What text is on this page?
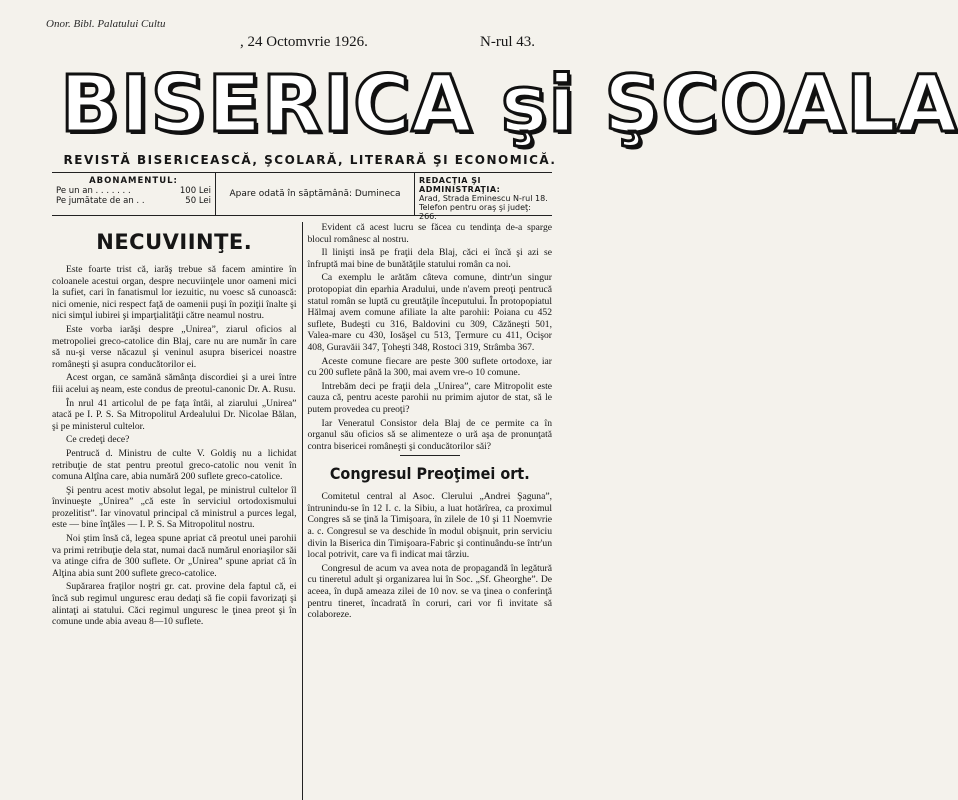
Onor. Bibl. Palatului Cultu
, 24 Octomvrie 1926.	N-rul 43.
BISERICA şi ŞCOALA
REVISTĂ BISERICEASCĂ, ŞCOLARĂ, LITERARĂ ŞI ECONOMICĂ.
ABONAMENTUL:
Pe un an . . . . . . .	100 Lei
Pe jumătate de an . .	50 Lei
Apare odată în săptămână: Dumineca
REDACŢIA ŞI ADMINISTRAŢIA:
Arad, Strada Eminescu N-rul 18.
Telefon pentru oraş şi judeţ: 266.
NECUVIINŢE.

Este foarte trist că, iarăş trebue să facem amintire în coloanele acestui organ, despre necuviinţele unor oameni mici la sufiet, cari în fanatismul lor iezuitic, nu voesc să cunoască: nici omenie, nici respect faţă de oamenii puşi în poziţii înalte şi nici simţul iubirei şi imparţialităţii către neamul nostru.

Este vorba iarăşi despre „Unirea”, ziarul oficios al metropoliei greco-catolice din Blaj, care nu are număr în care să nu-şi verse năcazul şi veninul asupra bisericei noastre româneşti şi asupra conducătorilor ei.

Acest organ, ce samănă sămânţa discordiei şi a urei între fiii acelui aş neam, este condus de preotul-canonic Dr. A. Rusu.

În nrul 41 articolul de pe faţa întâi, al ziarului „Unirea” atacă pe I. P. S. Sa Mitropolitul Ardealului Dr. Nicolae Bălan, şi pe ministerul cultelor.

Ce credeţi dece?

Pentrucă d. Ministru de culte V. Goldiş nu a lichidat retribuţie de stat pentru preotul greco-catolic nou venit în comuna Alţîna care, abia numără 200 suflete greco-catolice.

Şi pentru acest motiv absolut legal, pe ministrul cultelor îl învinueşte „Unirea” „că este în serviciul ortodoxismului prozelitist”. Iar vinovatul principal că ministrul a purces legal, este — bine înţăles — I. P. S. Sa Mitropolitul nostru.

Noi ştim însă că, legea spune apriat că preotul unei parohii va primi retribuţie dela stat, numai dacă numărul enoriaşilor săi va atinge cifra de 300 suflete. Or „Unirea” spune apriat că în Alţina abia sunt 200 suflete greco-catolice.

Supărarea fraţilor noştri gr. cat. provine dela faptul că, ei încă sub regimul unguresc erau dedaţi să fie copii favorizaţi şi alintaţi ai statului. Căci regimul unguresc le ţinea preot şi în comune unde abia aveau 8—10 suflete.

Evident că acest lucru se făcea cu tendinţa de-a sparge blocul românesc al nostru.

Il linişti insă pe fraţii dela Blaj, căci ei încă şi azi se înfruptă mai bine de bunătăţile statului român ca noi.

Ca exemplu le arătăm câteva comune, dintr'un singur protopopiat din eparhia Aradului, unde n'avem preoţi pentrucă statul român se luptă cu greutăţile începutului. În protopopiatul Hălmaj avem comune afiliate la alte parohii: Poiana cu 452 suflete, Budeşti cu 316, Baldovini cu 309, Căzăneşti 501, Valea-mare cu 430, Iosăşel cu 513, Ţermure cu 411, Ocişor 408, Guravăii 347, Ţoheşti 348, Rostoci 319, Strâmba 367.

Aceste comune fiecare are peste 300 suflete ortodoxe, iar cu 200 suflete până la 300, mai avem vre-o 10 comune.

Intrebăm deci pe fraţii dela „Unirea”, care Mitropolit este cauza că, pentru aceste parohii nu primim ajutor de stat, să le putem provedea cu preoţi?

Iar Veneratul Consistor dela Blaj de ce permite ca în organul său oficios să se alimenteze o ură aşa de pronunţată contra bisericei româneşti şi conducătorilor săi?

Congresul Preoţimei ort.

Comitetul central al Asoc. Clerului „Andrei Şaguna”, întrunindu-se în 12 I. c. la Sibiu, a luat hotărîrea, ca proximul Congres să se ţină la Timişoara, în zilele de 10 şi 11 Noemvrie a. c. Congresul se va deschide în modul obişnuit, prin serviciu divin la Biserica din Timişoara-Fabric şi continuându-se într'un local potrivit, care va fi indicat mai târziu.

Congresul de acum va avea nota de propagandă în legătură cu tineretul adult şi organizarea lui în Soc. „Sf. Gheorghe”. De aceea, în după ameaza zilei de 10 nov. se va ţinea o conferinţă pentru tineret, încadrată în coruri, cari vor fi invitate să colaboreze.
